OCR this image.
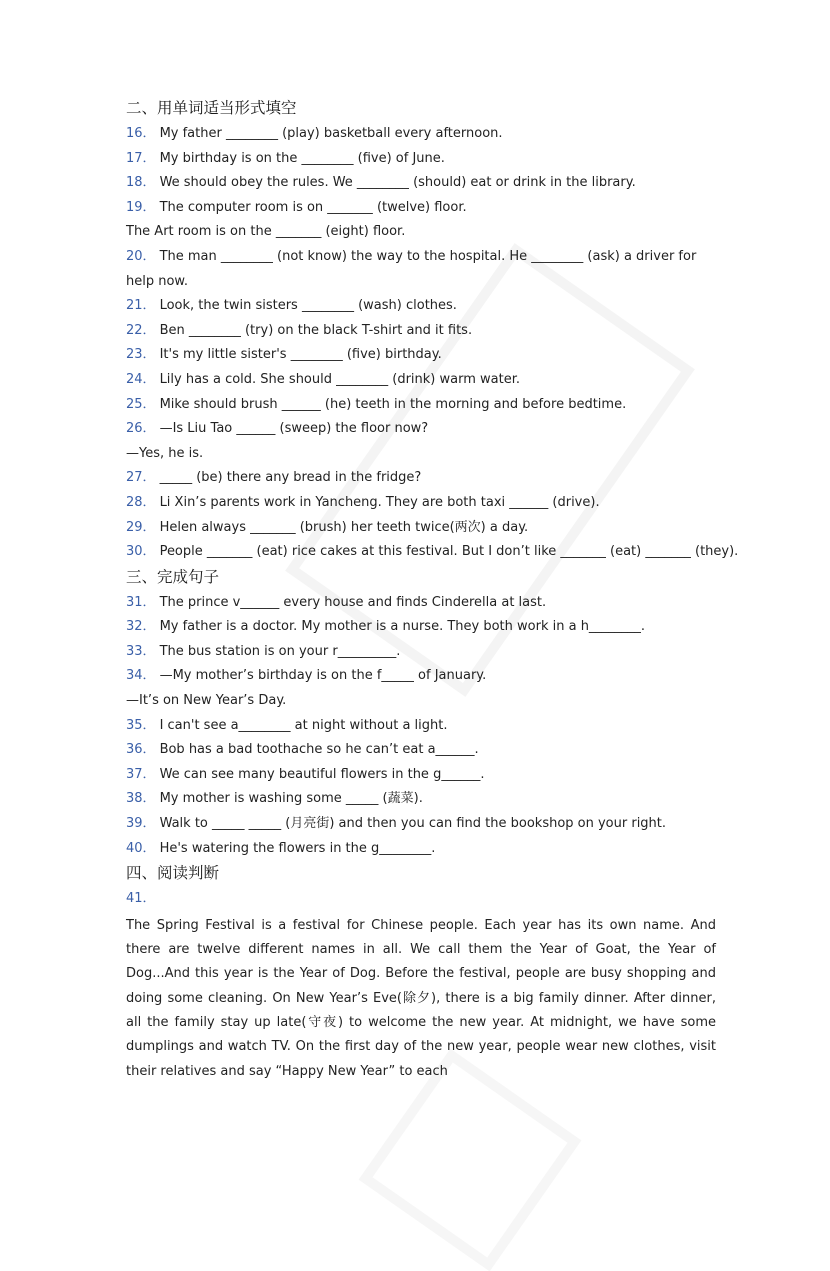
二、用单词适当形式填空
16． My father ________ (play) basketball every afternoon.
17． My birthday is on the ________ (five) of June.
18． We should obey the rules. We ________ (should) eat or drink in the library.
19． The computer room is on _______ (twelve) floor.
The Art room is on the _______ (eight) floor.
20． The man ________ (not know) the way to the hospital. He ________ (ask) a driver for help now.
21． Look, the twin sisters ________ (wash) clothes.
22． Ben ________ (try) on the black T-shirt and it fits.
23． It's my little sister's ________ (five) birthday.
24． Lily has a cold. She should ________ (drink) warm water.
25． Mike should brush ______ (he) teeth in the morning and before bedtime.
26． —Is Liu Tao ______ (sweep) the floor now?
—Yes, he is.
27． _____ (be) there any bread in the fridge?
28． Li Xin’s parents work in Yancheng. They are both taxi ______ (drive).
29． Helen always _______ (brush) her teeth twice(两次) a day.
30． People _______ (eat) rice cakes at this festival. But I don’t like _______ (eat) _______ (they).
三、完成句子
31． The prince v______ every house and finds Cinderella at last.
32． My father is a doctor. My mother is a nurse. They both work in a h________.
33． The bus station is on your r_________.
34． —My mother’s birthday is on the f_____ of January.
—It’s on New Year’s Day.
35． I can't see a________ at night without a light.
36． Bob has a bad toothache so he can’t eat a______.
37． We can see many beautiful flowers in the g______.
38． My mother is washing some _____ (蔬菜).
39． Walk to _____ _____ (月亮街) and then you can find the bookshop on your right.
40． He's watering the flowers in the g________.
四、阅读判断
41．
The Spring Festival is a festival for Chinese people. Each year has its own name. And there are twelve different names in all. We call them the Year of Goat, the Year of Dog...And this year is the Year of Dog. Before the festival, people are busy shopping and doing some cleaning. On New Year’s Eve(除夕), there is a big family dinner. After dinner, all the family stay up late(守夜) to welcome the new year. At midnight, we have some dumplings and watch TV. On the first day of the new year, people wear new clothes, visit their relatives and say “Happy New Year” to each
